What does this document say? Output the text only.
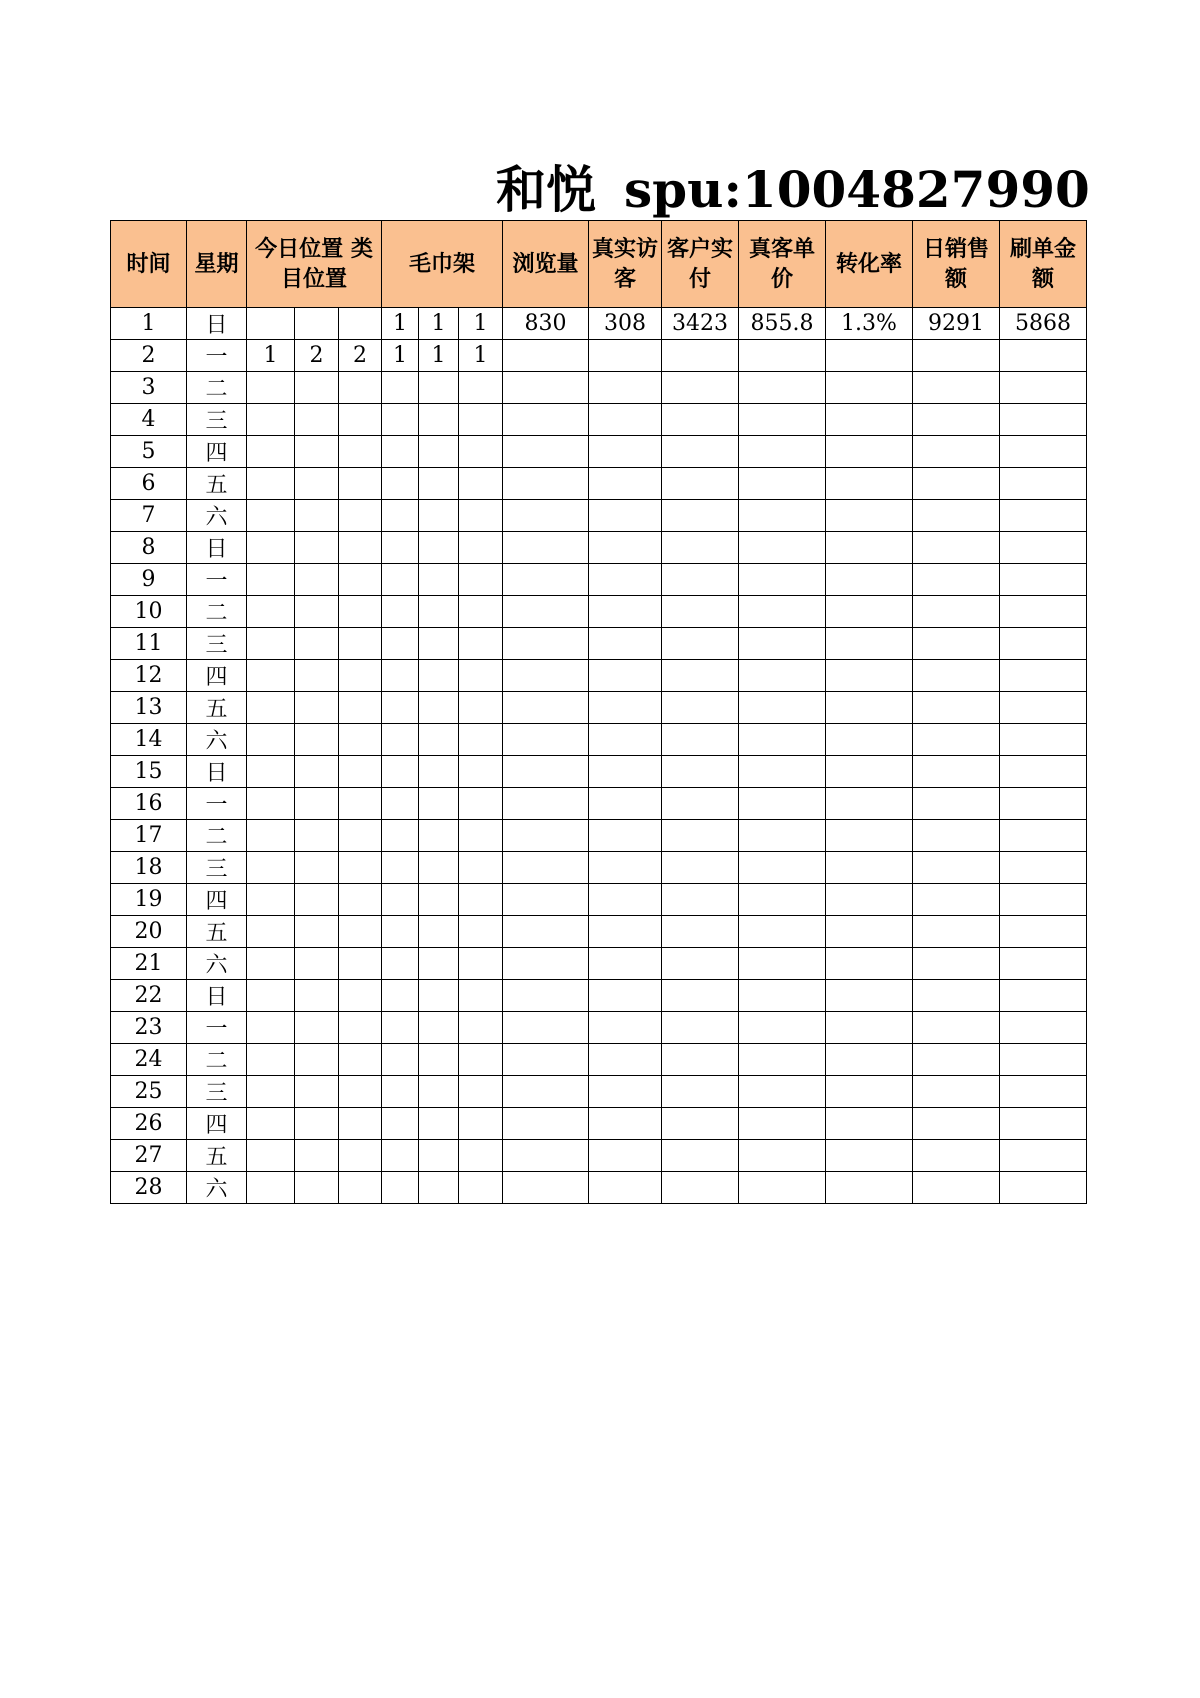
和悦 spu:1004827990
时间	星期	今日位置 类目位置			毛巾架			浏览量	真实访客	客户实付	真客单价	转化率	日销售额	刷单金额
1	日				1	1	1	830	308	3423	855.8	1.3%	9291	5868
2	一	1	2	2	1	1	1							
3	二													
4	三													
5	四													
6	五													
7	六													
8	日													
9	一													
10	二													
11	三													
12	四													
13	五													
14	六													
15	日													
16	一													
17	二													
18	三													
19	四													
20	五													
21	六													
22	日													
23	一													
24	二													
25	三													
26	四													
27	五													
28	六													
